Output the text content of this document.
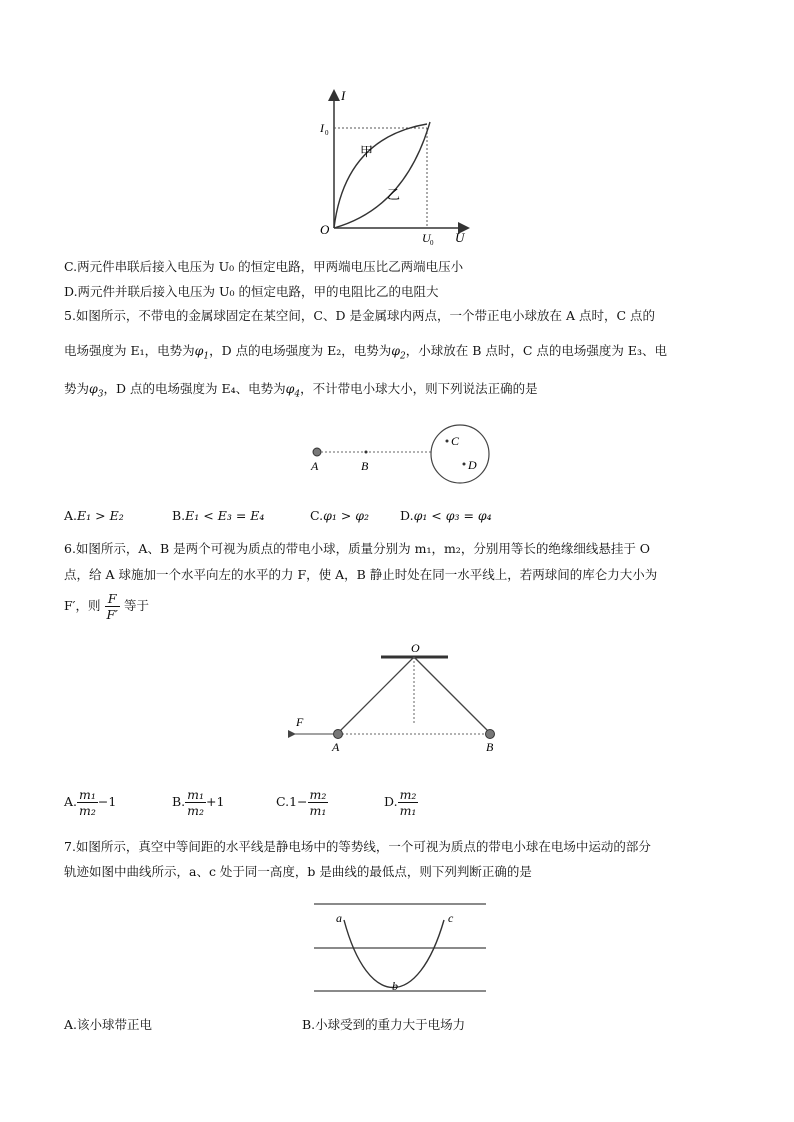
I
U
I 0
U 0
O
甲
乙
C.两元件串联后接入电压为 U₀ 的恒定电路，甲两端电压比乙两端电压小
D.两元件并联后接入电压为 U₀ 的恒定电路，甲的电阻比乙的电阻大
5.如图所示，不带电的金属球固定在某空间，C、D 是金属球内两点，一个带正电小球放在 A 点时，C 点的
电场强度为 E₁，电势为$\varphi_1$，D 点的电场强度为 E₂，电势为$\varphi_2$，小球放在 B 点时，C 点的电场强度为 E₃、电
势为$\varphi_3$，D 点的电场强度为 E₄、电势为$\varphi_4$，不计带电小球大小，则下列说法正确的是
A	B
C
D
A.E₁ > E₂	B.E₁ < E₃ = E₄	C.φ₁ > φ₂ D.φ₁ < φ₃ = φ₄
6.如图所示，A、B 是两个可视为质点的带电小球，质量分别为 m₁，m₂，分别用等长的绝缘细线悬挂于 O
点，给 A 球施加一个水平向左的水平的力 F，使 A，B 静止时处在同一水平线上，若两球间的库仑力大小为
F′，则 $\frac{F}{F'}$ 等于
O
F
A	B
A. $\frac{\text{m₁}}{\text{m₂}} -1$	B. $\frac{\text{m₁}}{\text{m₂}} +1$	$C.1- \frac{\text{m₂}}{\text{m₁}}$	D. $\frac{\text{m₂}}{\text{m₁}}$
7.如图所示，真空中等间距的水平线是静电场中的等势线，一个可视为质点的带电小球在电场中运动的部分
轨迹如图中曲线所示，a、c 处于同一高度，b 是曲线的最低点，则下列判断正确的是
a
b
c
A.该小球带正电	B.小球受到的重力大于电场力
